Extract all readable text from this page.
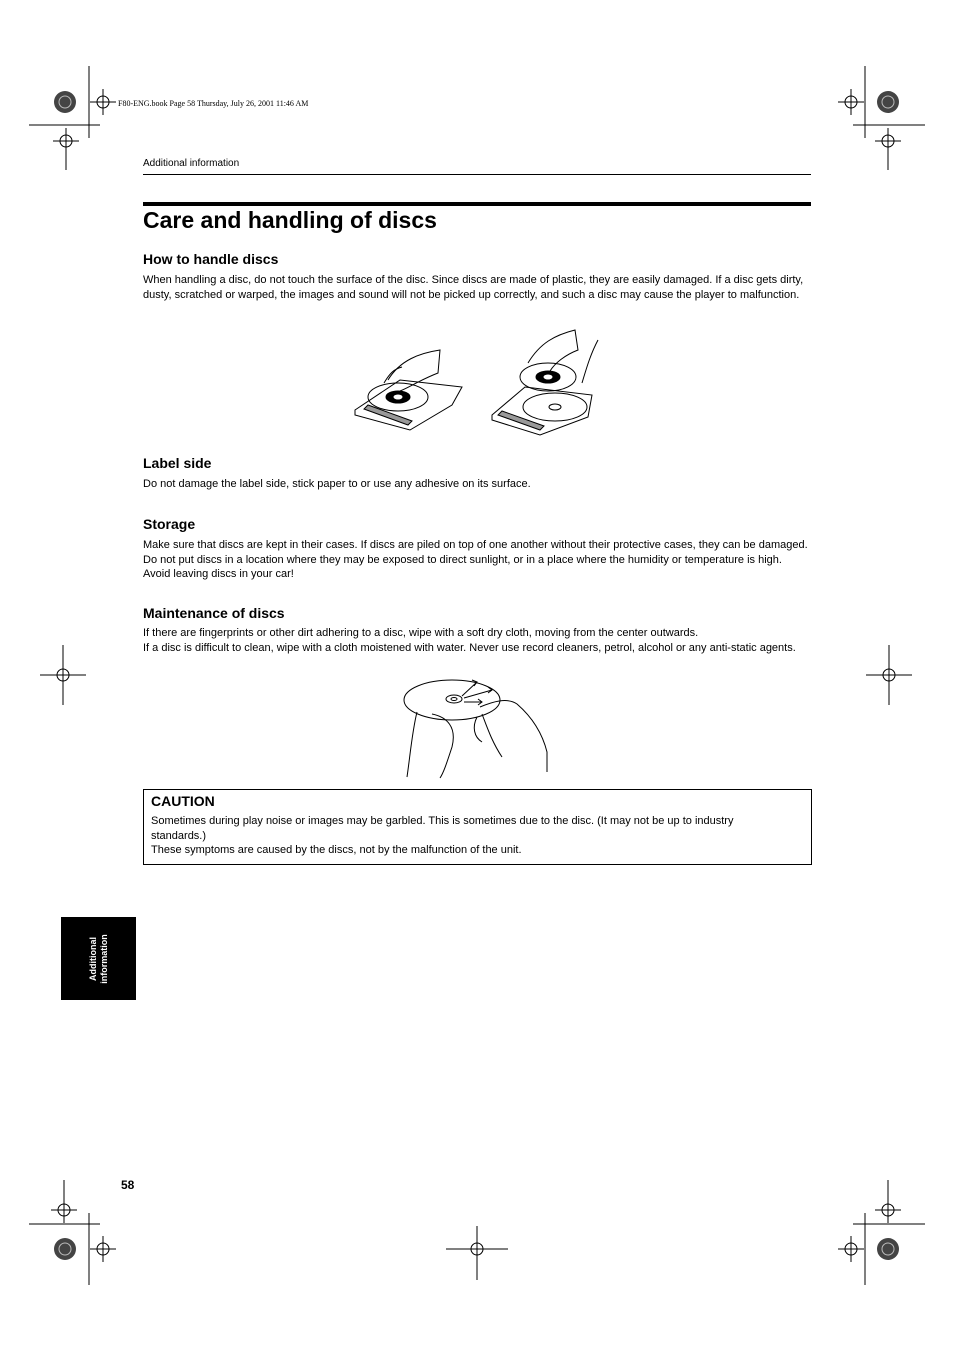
F80-ENG.book Page 58 Thursday, July 26, 2001 11:46 AM
Additional information
Care and handling of discs
How to handle discs

When handling a disc, do not touch the surface of the disc. Since discs are made of plastic, they are easily damaged. If a disc gets dirty, dusty, scratched or warped, the images and sound will not be picked up correctly, and such a disc may cause the player to malfunction.

Label side

Do not damage the label side, stick paper to or use any adhesive on its surface.

Storage

Make sure that discs are kept in their cases. If discs are piled on top of one another without their protective cases, they can be damaged. Do not put discs in a location where they may be exposed to direct sunlight, or in a place where the humidity or temperature is high. Avoid leaving discs in your car!

Maintenance of discs

If there are fingerprints or other dirt adhering to a disc, wipe with a soft dry cloth, moving from the center outwards.

If a disc is difficult to clean, wipe with a cloth moistened with water. Never use record cleaners, petrol, alcohol or any anti-static agents.

CAUTION

Sometimes during play noise or images may be garbled. This is sometimes due to the disc. (It may not be up to industry standards.)

These symptoms are caused by the discs, not by the malfunction of the unit.

Additional information
58
